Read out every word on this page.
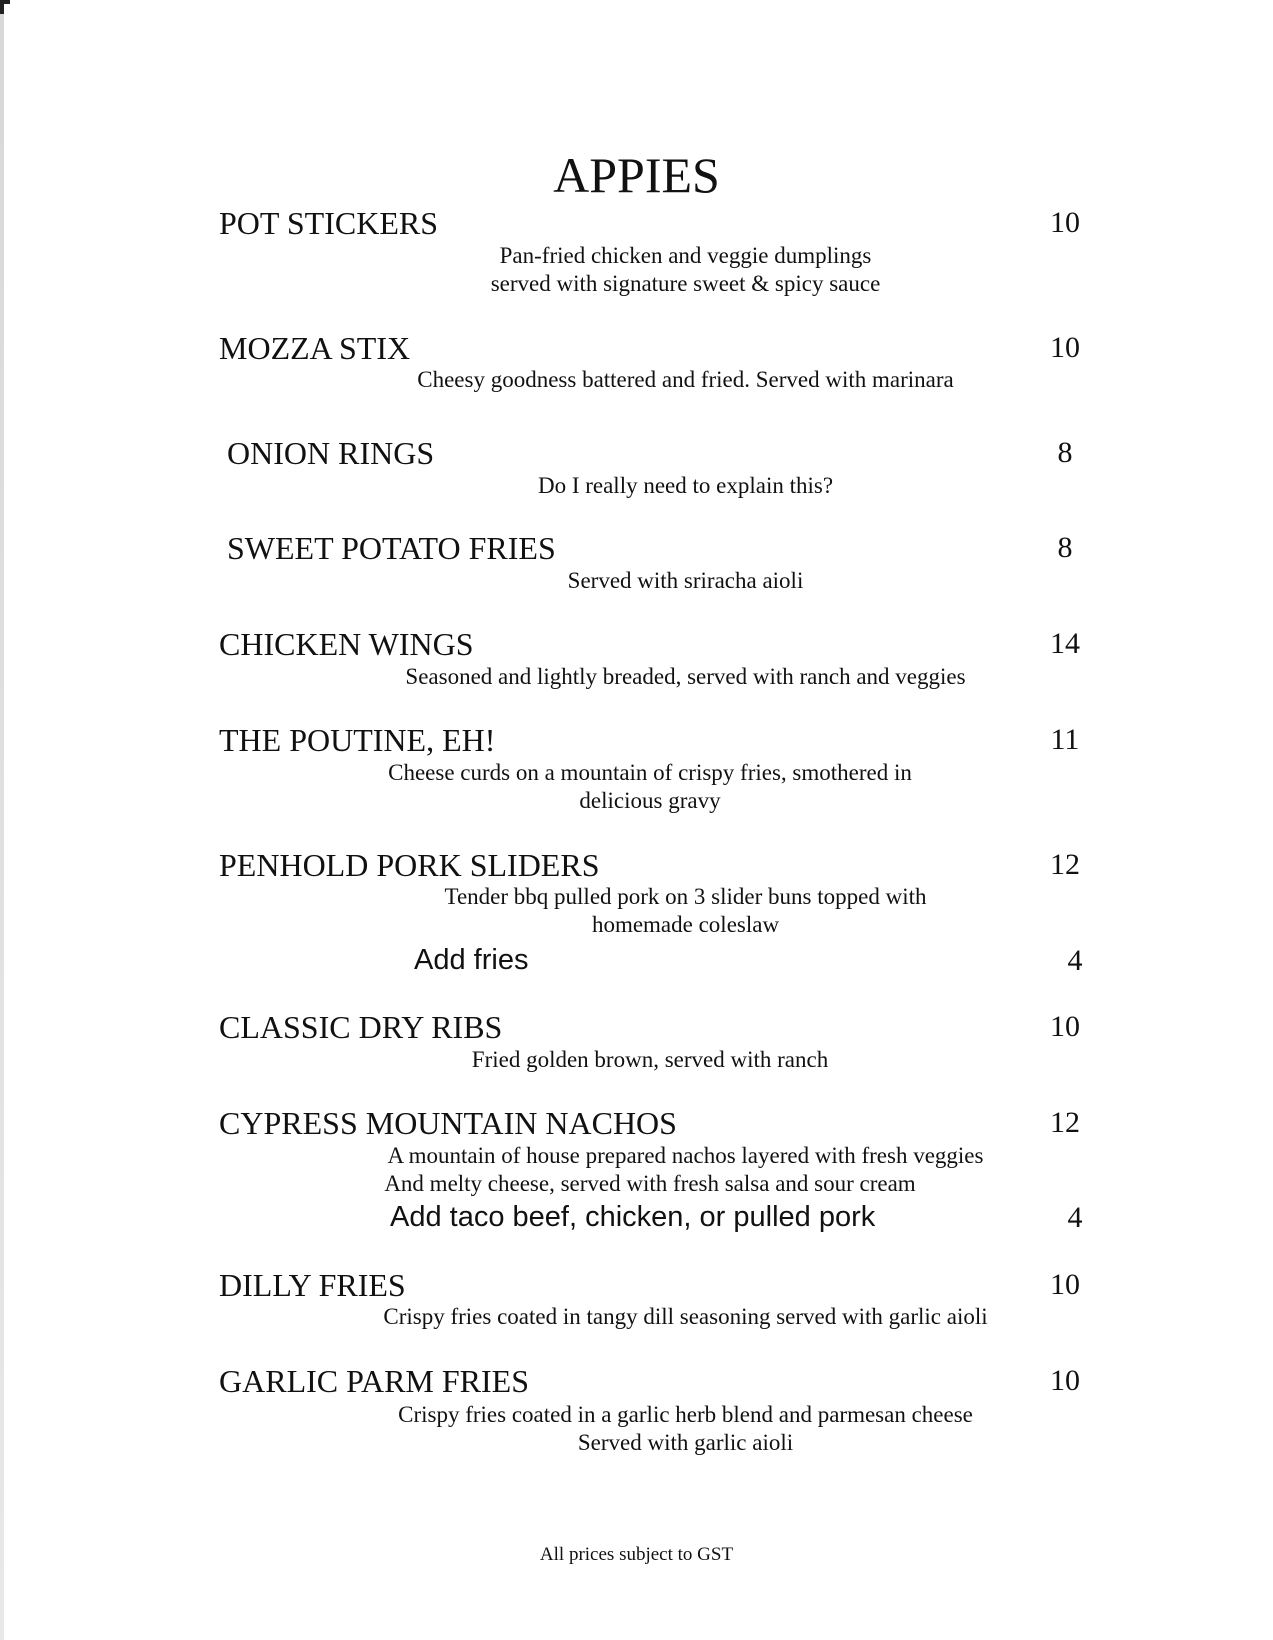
APPIES
POT STICKERS	10
Pan-fried chicken and veggie dumplings
served with signature sweet & spicy sauce
MOZZA STIX	10
Cheesy goodness battered and fried. Served with marinara
ONION RINGS	8
Do I really need to explain this?
SWEET POTATO FRIES	8
Served with sriracha aioli
CHICKEN WINGS	14
Seasoned and lightly breaded, served with ranch and veggies
THE POUTINE, EH!	11
Cheese curds on a mountain of crispy fries, smothered in
delicious gravy
PENHOLD PORK SLIDERS	12
Tender bbq pulled pork on 3 slider buns topped with
homemade coleslaw
Add fries	4
CLASSIC DRY RIBS	10
Fried golden brown, served with ranch
CYPRESS MOUNTAIN NACHOS	12
A mountain of house prepared nachos layered with fresh veggies
And melty cheese, served with fresh salsa and sour cream
Add taco beef, chicken, or pulled pork	4
DILLY FRIES	10
Crispy fries coated in tangy dill seasoning served with garlic aioli
GARLIC PARM FRIES	10
Crispy fries coated in a garlic herb blend and parmesan cheese
Served with garlic aioli
All prices subject to GST
